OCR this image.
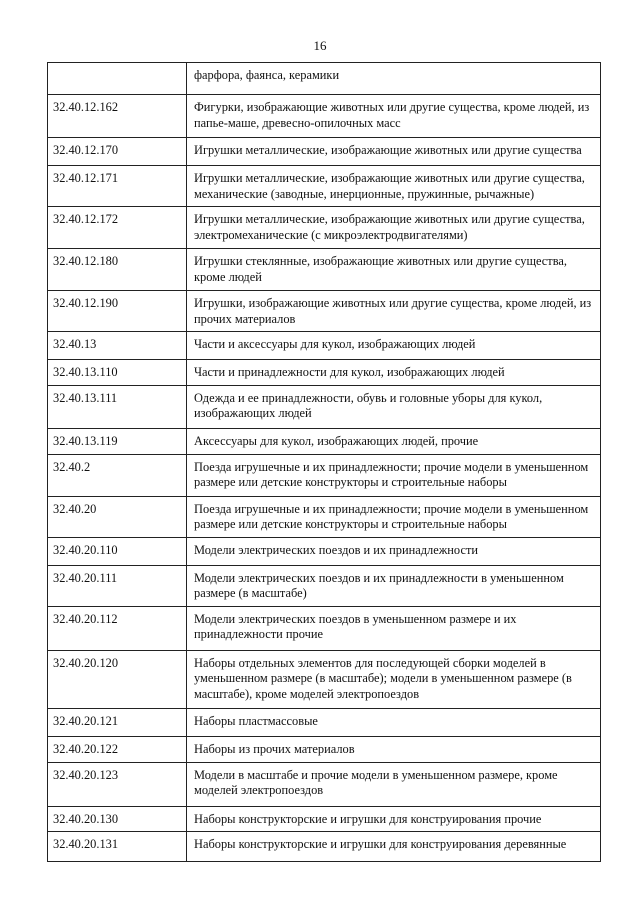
16
	фарфора, фаянса, керамики
32.40.12.162	Фигурки, изображающие животных или другие существа, кроме людей, из папье-маше, древесно-опилочных масс
32.40.12.170	Игрушки металлические, изображающие животных или другие существа
32.40.12.171	Игрушки металлические, изображающие животных или другие существа, механические (заводные, инерционные, пружинные, рычажные)
32.40.12.172	Игрушки металлические, изображающие животных или другие существа, электромеханические (с микроэлектродвигателями)
32.40.12.180	Игрушки стеклянные, изображающие животных или другие существа, кроме людей
32.40.12.190	Игрушки, изображающие животных или другие существа, кроме людей, из прочих материалов
32.40.13	Части и аксессуары для кукол, изображающих людей
32.40.13.110	Части и принадлежности для кукол, изображающих людей
32.40.13.111	Одежда и ее принадлежности, обувь и головные уборы для кукол, изображающих людей
32.40.13.119	Аксессуары для кукол, изображающих людей, прочие
32.40.2	Поезда игрушечные и их принадлежности; прочие модели в уменьшенном размере или детские конструкторы и строительные наборы
32.40.20	Поезда игрушечные и их принадлежности; прочие модели в уменьшенном размере или детские конструкторы и строительные наборы
32.40.20.110	Модели электрических поездов и их принадлежности
32.40.20.111	Модели электрических поездов и их принадлежности в уменьшенном размере (в масштабе)
32.40.20.112	Модели электрических поездов в уменьшенном размере и их принадлежности прочие
32.40.20.120	Наборы отдельных элементов для последующей сборки моделей в уменьшенном размере (в масштабе); модели в уменьшенном размере (в масштабе), кроме моделей электропоездов
32.40.20.121	Наборы пластмассовые
32.40.20.122	Наборы из прочих материалов
32.40.20.123	Модели в масштабе и прочие модели в уменьшенном размере, кроме моделей электропоездов
32.40.20.130	Наборы конструкторские и игрушки для конструирования прочие
32.40.20.131	Наборы конструкторские и игрушки для конструирования деревянные
